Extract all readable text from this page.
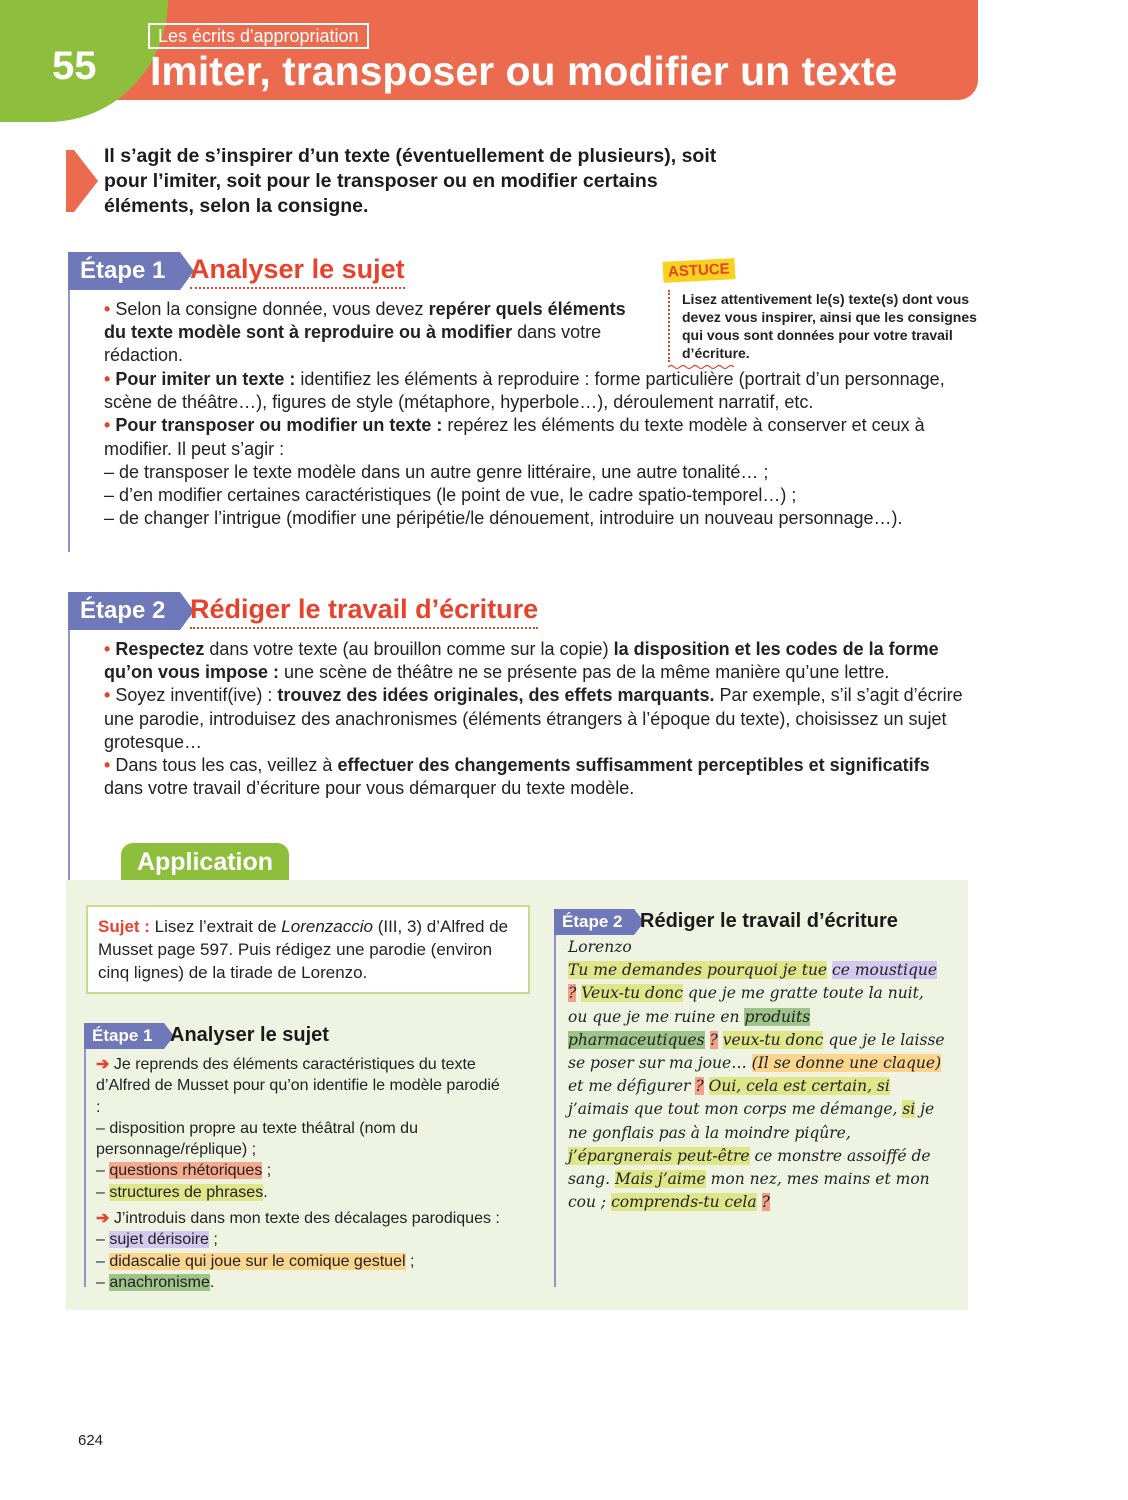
55
Les écrits d'appropriation
Imiter, transposer ou modifier un texte
Il s’agit de s’inspirer d’un texte (éventuellement de plusieurs), soit pour l’imiter, soit pour le transposer ou en modifier certains éléments, selon la consigne.
Étape 1 Analyser le sujet	ASTUCE
Lisez attentivement le(s) texte(s) dont vous devez vous inspirer, ainsi que les consignes qui vous sont données pour votre travail d’écriture.

• Selon la consigne donnée, vous devez repérer quels éléments du texte modèle sont à reproduire ou à modifier dans votre rédaction.

• Pour imiter un texte : identifiez les éléments à reproduire : forme particulière (portrait d’un personnage, scène de théâtre…), figures de style (métaphore, hyperbole…), déroulement narratif, etc.

• Pour transposer ou modifier un texte : repérez les éléments du texte modèle à conserver et ceux à modifier. Il peut s’agir :

– de transposer le texte modèle dans un autre genre littéraire, une autre tonalité… ;

– d’en modifier certaines caractéristiques (le point de vue, le cadre spatio-temporel…) ;

– de changer l’intrigue (modifier une péripétie/le dénouement, introduire un nouveau personnage…).

Étape 2 Rédiger le travail d’écriture

• Respectez dans votre texte (au brouillon comme sur la copie) la disposition et les codes de la forme qu’on vous impose : une scène de théâtre ne se présente pas de la même manière qu’une lettre.

• Soyez inventif(ive) : trouvez des idées originales, des effets marquants. Par exemple, s’il s’agit d’écrire une parodie, introduisez des anachronismes (éléments étrangers à l’époque du texte), choisissez un sujet grotesque…

• Dans tous les cas, veillez à effectuer des changements suffisamment perceptibles et significatifs dans votre travail d’écriture pour vous démarquer du texte modèle.

Application
Sujet : Lisez l’extrait de Lorenzaccio (III, 3) d’Alfred de Musset page 597. Puis rédigez une parodie (environ cinq lignes) de la tirade de Lorenzo.
Étape 1 Analyser le sujet

➔ Je reprends des éléments caractéristiques du texte d’Alfred de Musset pour qu’on identifie le modèle parodié :

– disposition propre au texte théâtral (nom du personnage/réplique) ;

– questions rhétoriques ;

– structures de phrases.

➔ J’introduis dans mon texte des décalages parodiques :

– sujet dérisoire ;

– didascalie qui joue sur le comique gestuel ;

– anachronisme.

Étape 2 Rédiger le travail d’écriture

Lorenzo

Tu me demandes pourquoi je tue ce moustique ? Veux-tu donc que je me gratte toute la nuit, ou que je me ruine en produits pharmaceutiques ? veux-tu donc que je le laisse se poser sur ma joue… (Il se donne une claque) et me défigurer ? Oui, cela est certain, si j’aimais que tout mon corps me démange, si je ne gonflais pas à la moindre piqûre, j’épargnerais peut-être ce monstre assoiffé de sang. Mais j’aime mon nez, mes mains et mon cou ; comprends-tu cela ?

624
